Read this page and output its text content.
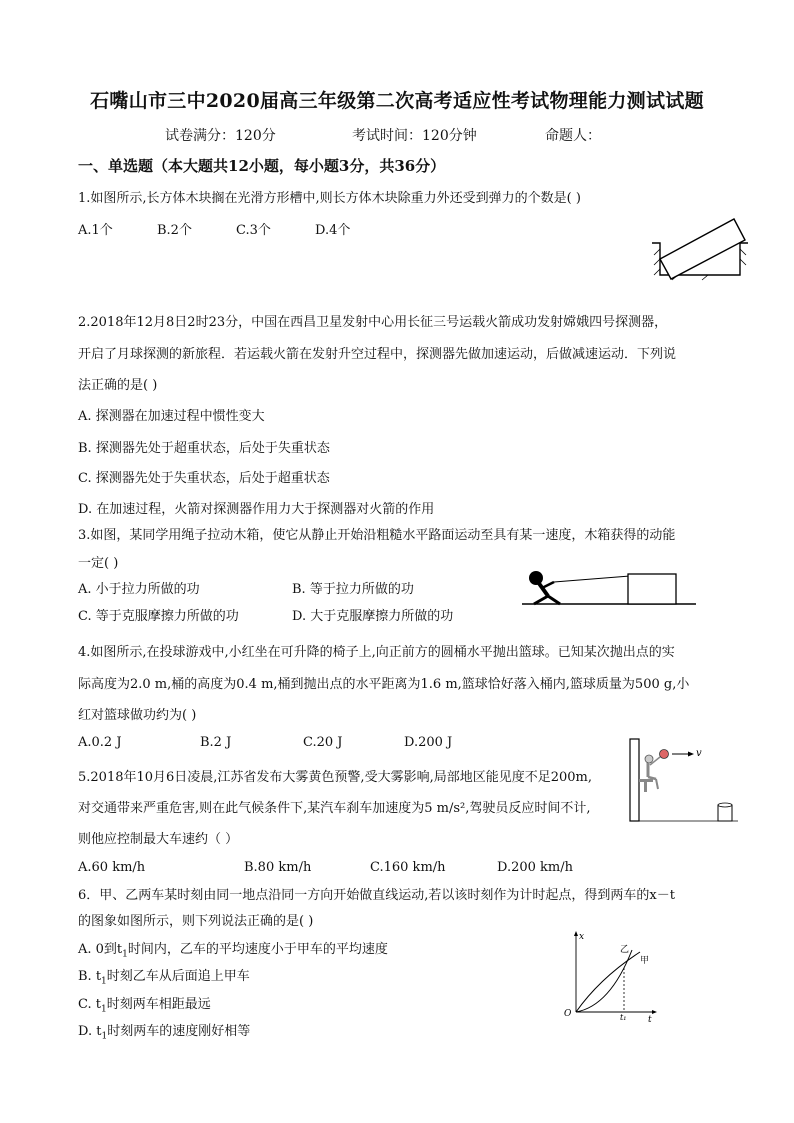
石嘴山市三中2020届高三年级第二次高考适应性考试物理能力测试试题
试卷满分：120分	考试时间：120分钟	命题人：
一、单选题（本大题共12小题，每小题3分，共36分）
1.如图所示,长方体木块搁在光滑方形槽中,则长方体木块除重力外还受到弹力的个数是( )
A.1个	B.2个	C.3个	D.4个
2.2018年12月8日2时23分，中国在西昌卫星发射中心用长征三号运载火箭成功发射嫦娥四号探测器，
开启了月球探测的新旅程．若运载火箭在发射升空过程中，探测器先做加速运动，后做减速运动．下列说
法正确的是( )
A. 探测器在加速过程中惯性变大
B. 探测器先处于超重状态，后处于失重状态
C. 探测器先处于失重状态，后处于超重状态
D. 在加速过程，火箭对探测器作用力大于探测器对火箭的作用
3.如图，某同学用绳子拉动木箱，使它从静止开始沿粗糙水平路面运动至具有某一速度，木箱获得的动能
一定( )
A. 小于拉力所做的功	B. 等于拉力所做的功
C. 等于克服摩擦力所做的功	D. 大于克服摩擦力所做的功
4.如图所示,在投球游戏中,小红坐在可升降的椅子上,向正前方的圆桶水平抛出篮球。已知某次抛出点的实
际高度为2.0 m,桶的高度为0.4 m,桶到抛出点的水平距离为1.6 m,篮球恰好落入桶内,篮球质量为500 g,小
红对篮球做功约为( )
A.0.2 J	B.2 J	C.20 J	D.200 J
v
5.2018年10月6日凌晨,江苏省发布大雾黄色预警,受大雾影响,局部地区能见度不足200m,
对交通带来严重危害,则在此气候条件下,某汽车刹车加速度为5 m/s²,驾驶员反应时间不计,
则他应控制最大车速约（ ）
A.60 km/h	B.80 km/h	C.160 km/h	D.200 km/h
6．甲、乙两车某时刻由同一地点沿同一方向开始做直线运动,若以该时刻作为计时起点，得到两车的x－t
的图象如图所示，则下列说法正确的是( )
A. 0到$t_1$时间内，乙车的平均速度小于甲车的平均速度
B. $t_1$时刻乙车从后面追上甲车
C. $t_1$时刻两车相距最远
D. $t_1$时刻两车的速度刚好相等
x
t
O	t₁
乙
甲
